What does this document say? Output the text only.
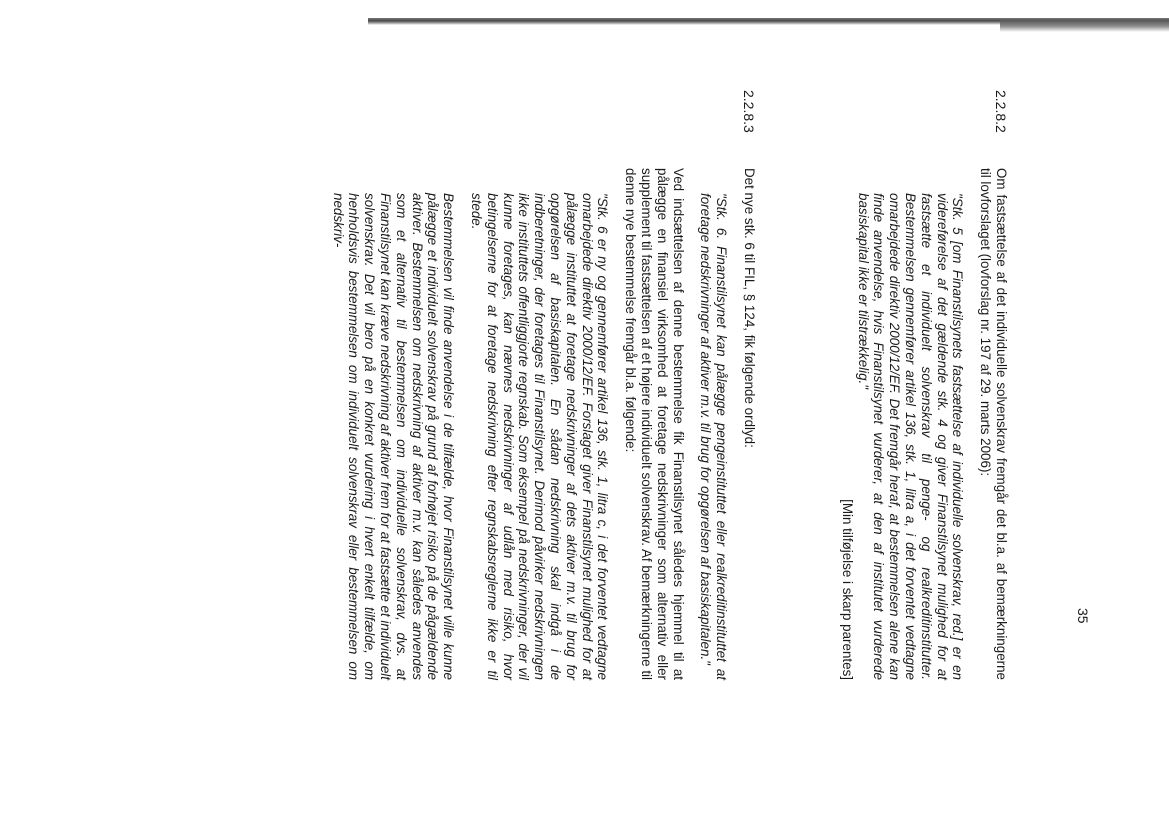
35
2.2.8.2

Om fastsættelse af det individuelle solvenskrav fremgår det bl.a. af bemærkningerne til lovforslaget (lovforslag nr. 197 af 29. marts 2006):

"Stk. 5 [om Finanstilsynets fastsættelse af individuelle solvenskrav, red.] er en videreførelse af det gældende stk. 4 og giver Finanstilsynet mulighed for at fastsætte et individuelt solvenskrav til penge- og realkreditinstitutter. Bestemmelsen gennemfører artikel 136, stk. 1, litra a, i det forventet vedtagne omarbejdede direktiv 2000/12/EF. Det fremgår heraf, at bestemmelsen alene kan finde anvendelse, hvis Finanstilsynet vurderer, at den af institutet vurderede basiskapital ikke er tilstrækkelig."

[Min tilføjelse i skarp parentes]

2.2.8.3

Det nye stk. 6 til FIL, § 124, fik følgende ordlyd:

"Stk. 6. Finanstilsynet kan pålægge pengeinstituttet eller realkreditinstituttet at foretage nedskrivninger af aktiver m.v. til brug for opgørelsen af basiskapitalen."

Ved indsættelsen af denne bestemmelse fik Finanstilsynet således hjemmel til at pålægge en finansiel virksomhed at foretage nedskrivninger som alternativ eller supplement til fastsættelsen af et højere individuelt solvenskrav. Af bemærkningerne til denne nye bestemmelse fremgår bl.a. følgende:

"Stk. 6 er ny og gennemfører artikel 136, stk. 1, litra c, i det forventet vedtagne omarbejdede direktiv 2000/12/EF. Forslaget giver Finanstilsynet mulighed for at pålægge instituttet at foretage nedskrivninger af dets aktiver m.v. til brug for opgørelsen af basiskapitalen. En sådan nedskrivning skal indgå i de indberetninger, der foretages til Finanstilsynet. Derimod påvirker nedskrivningen ikke instituttets offentliggjorte regnskab. Som eksempel på nedskrivninger, der vil kunne foretages, kan nævnes nedskrivninger af udlån med risiko, hvor betingelserne for at foretage nedskrivning efter regnskabsreglerne ikke er til stede.

Bestemmelsen vil finde anvendelse i de tilfælde, hvor Finanstilsynet ville kunne pålægge et individuelt solvenskrav på grund af forhøjet risiko på de pågældende aktiver. Bestemmelsen om nedskrivning af aktiver m.v. kan således anvendes som et alternativ til bestemmelsen om individuelle solvenskrav, dvs. at Finanstilsynet kan kræve nedskrivning af aktiver frem for at fastsætte et individuelt solvenskrav. Det vil bero på en konkret vurdering i hvert enkelt tilfælde, om henholdsvis bestemmelsen om individuelt solvenskrav eller bestemmelsen om nedskriv-
